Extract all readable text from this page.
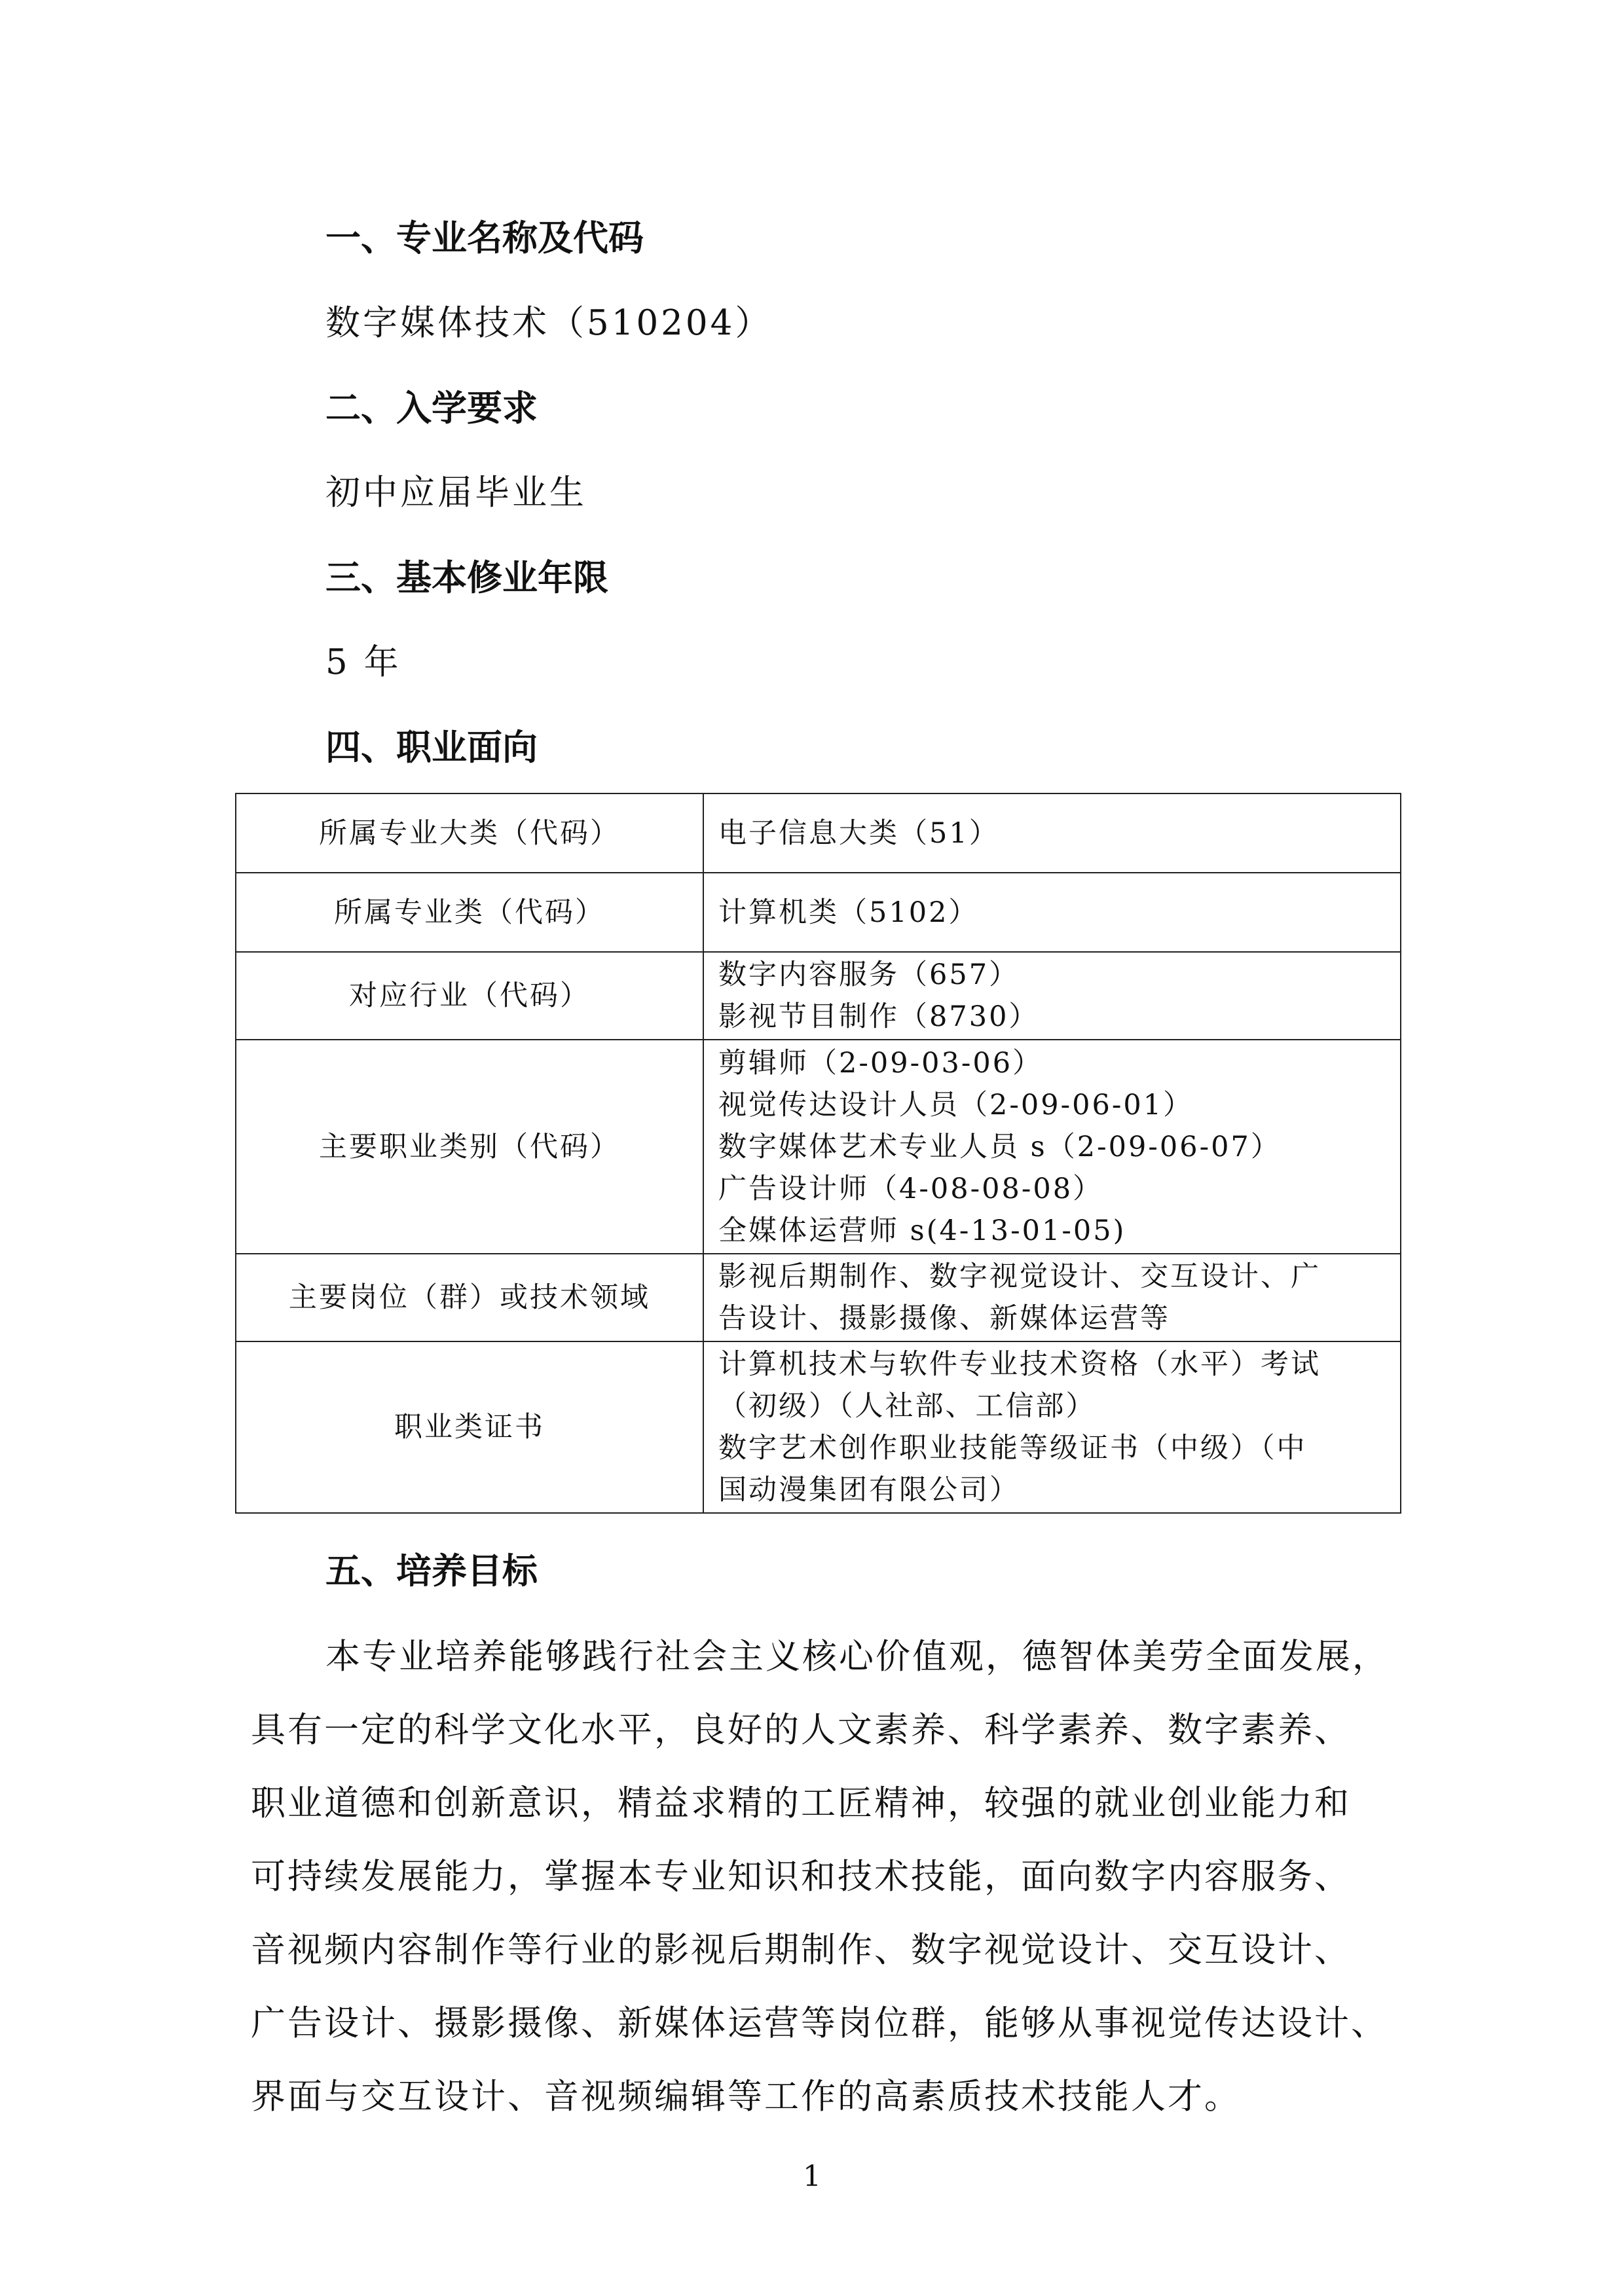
一、专业名称及代码
数字媒体技术（510204）
二、入学要求
初中应届毕业生
三、基本修业年限
5 年
四、职业面向
所属专业大类（代码）	电子信息大类（51）

所属专业类（代码）	计算机类（5102）

对应行业（代码）	数字内容服务（657）
影视节目制作（8730）

主要职业类别（代码）	剪辑师（2-09-03-06）
视觉传达设计人员（2-09-06-01）
数字媒体艺术专业人员 s（2-09-06-07）
广告设计师（4-08-08-08）
全媒体运营师 s(4-13-01-05)

主要岗位（群）或技术领域	影视后期制作、数字视觉设计、交互设计、广
告设计、摄影摄像、新媒体运营等

职业类证书	计算机技术与软件专业技术资格（水平）考试
（初级）（人社部、工信部）
数字艺术创作职业技能等级证书（中级）（中
国动漫集团有限公司）
五、培养目标
本专业培养能够践行社会主义核心价值观，德智体美劳全面发展，
具有一定的科学文化水平，良好的人文素养、科学素养、数字素养、
职业道德和创新意识，精益求精的工匠精神，较强的就业创业能力和
可持续发展能力，掌握本专业知识和技术技能，面向数字内容服务、
音视频内容制作等行业的影视后期制作、数字视觉设计、交互设计、
广告设计、摄影摄像、新媒体运营等岗位群，能够从事视觉传达设计、
界面与交互设计、音视频编辑等工作的高素质技术技能人才。
1
